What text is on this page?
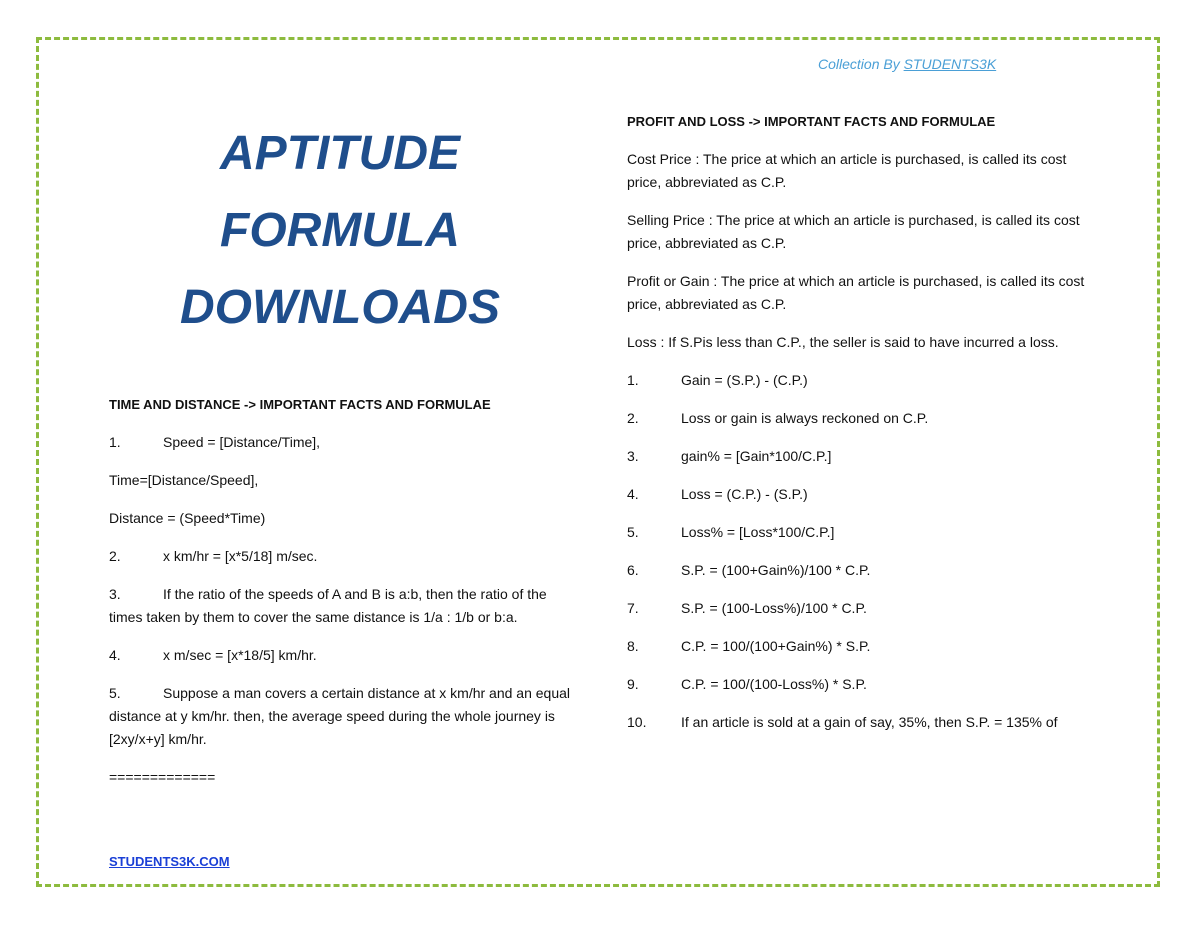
Collection By STUDENTS3K
APTITUDE
FORMULA
DOWNLOADS
TIME AND DISTANCE -> IMPORTANT FACTS AND FORMULAE
1.	Speed = [Distance/Time],
Time=[Distance/Speed],
Distance = (Speed*Time)
2.	x km/hr = [x*5/18] m/sec.
3.	If the ratio of the speeds of A and B is a:b, then the ratio of the times taken by them to cover the same distance is 1/a : 1/b or b:a.
4.	x m/sec = [x*18/5] km/hr.
5.	Suppose a man covers a certain distance at x km/hr and an equal distance at y km/hr. then, the average speed during the whole journey is [2xy/x+y] km/hr.
=============
PROFIT AND LOSS -> IMPORTANT FACTS AND FORMULAE
Cost Price : The price at which an article is purchased, is called its cost price, abbreviated as C.P.
Selling Price : The price at which an article is purchased, is called its cost price, abbreviated as C.P.
Profit or Gain : The price at which an article is purchased, is called its cost price, abbreviated as C.P.
Loss : If S.Pis less than C.P., the seller is said to have incurred a loss.
1.	Gain = (S.P.) - (C.P.)
2.	Loss or gain is always reckoned on C.P.
3.	gain% = [Gain*100/C.P.]
4.	Loss = (C.P.) - (S.P.)
5.	Loss% = [Loss*100/C.P.]
6.	S.P. = (100+Gain%)/100 * C.P.
7.	S.P. = (100-Loss%)/100 * C.P.
8.	C.P. = 100/(100+Gain%) * S.P.
9.	C.P. = 100/(100-Loss%) * S.P.
10. If an article is sold at a gain of say, 35%, then S.P. = 135% of
STUDENTS3K.COM
